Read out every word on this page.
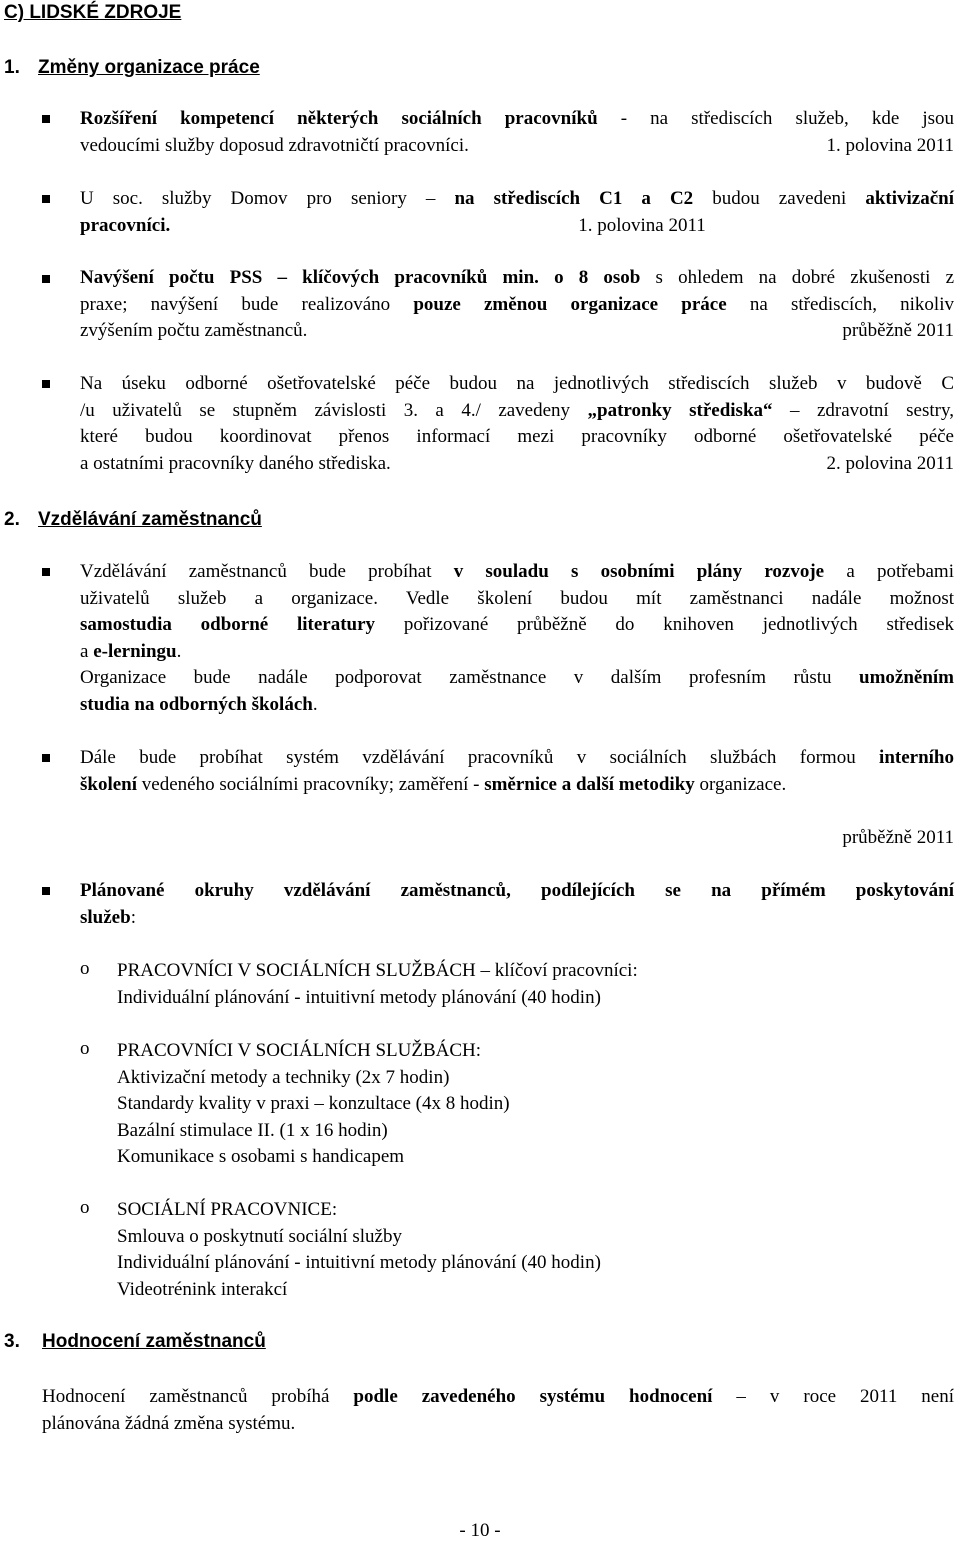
C) LIDSKÉ ZDROJE
1. Změny organizace práce
Rozšíření kompetencí některých sociálních pracovníků - na střediscích služeb, kde jsou
vedoucími služby doposud zdravotničtí pracovníci.	1. polovina 2011
U soc. služby Domov pro seniory – na střediscích C1 a C2 budou zavedeni aktivizační
pracovníci.	1. polovina 2011
Navýšení počtu PSS – klíčových pracovníků min. o 8 osob s ohledem na dobré zkušenosti z
praxe; navýšení bude realizováno pouze změnou organizace práce na střediscích, nikoliv
zvýšením počtu zaměstnanců.	průběžně 2011
Na úseku odborné ošetřovatelské péče budou na jednotlivých střediscích služeb v budově C
/u uživatelů se stupněm závislosti 3. a 4./ zavedeny „patronky střediska“ – zdravotní sestry,
které budou koordinovat přenos informací mezi pracovníky odborné ošetřovatelské péče
a ostatními pracovníky daného střediska.	2. polovina 2011
2. Vzdělávání zaměstnanců
Vzdělávání zaměstnanců bude probíhat v souladu s osobními plány rozvoje a potřebami
uživatelů služeb a organizace. Vedle školení budou mít zaměstnanci nadále možnost
samostudia odborné literatury pořizované průběžně do knihoven jednotlivých středisek
a e-lerningu.
Organizace bude nadále podporovat zaměstnance v dalším profesním růstu umožněním
studia na odborných školách.
Dále bude probíhat systém vzdělávání pracovníků v sociálních službách formou interního
školení vedeného sociálními pracovníky; zaměření - směrnice a další metodiky organizace.
průběžně 2011
Plánované okruhy vzdělávání zaměstnanců, podílejících se na přímém poskytování
služeb:
o PRACOVNÍCI V SOCIÁLNÍCH SLUŽBÁCH – klíčoví pracovníci:
Individuální plánování - intuitivní metody plánování (40 hodin)
o PRACOVNÍCI V SOCIÁLNÍCH SLUŽBÁCH:
Aktivizační metody a techniky (2x 7 hodin)
Standardy kvality v praxi – konzultace (4x 8 hodin)
Bazální stimulace II. (1 x 16 hodin)
Komunikace s osobami s handicapem
o SOCIÁLNÍ PRACOVNICE:
Smlouva o poskytnutí sociální služby
Individuální plánování - intuitivní metody plánování (40 hodin)
Videotrénink interakcí
3. Hodnocení zaměstnanců
Hodnocení zaměstnanců probíhá podle zavedeného systému hodnocení – v roce 2011 není
plánována žádná změna systému.
- 10 -
